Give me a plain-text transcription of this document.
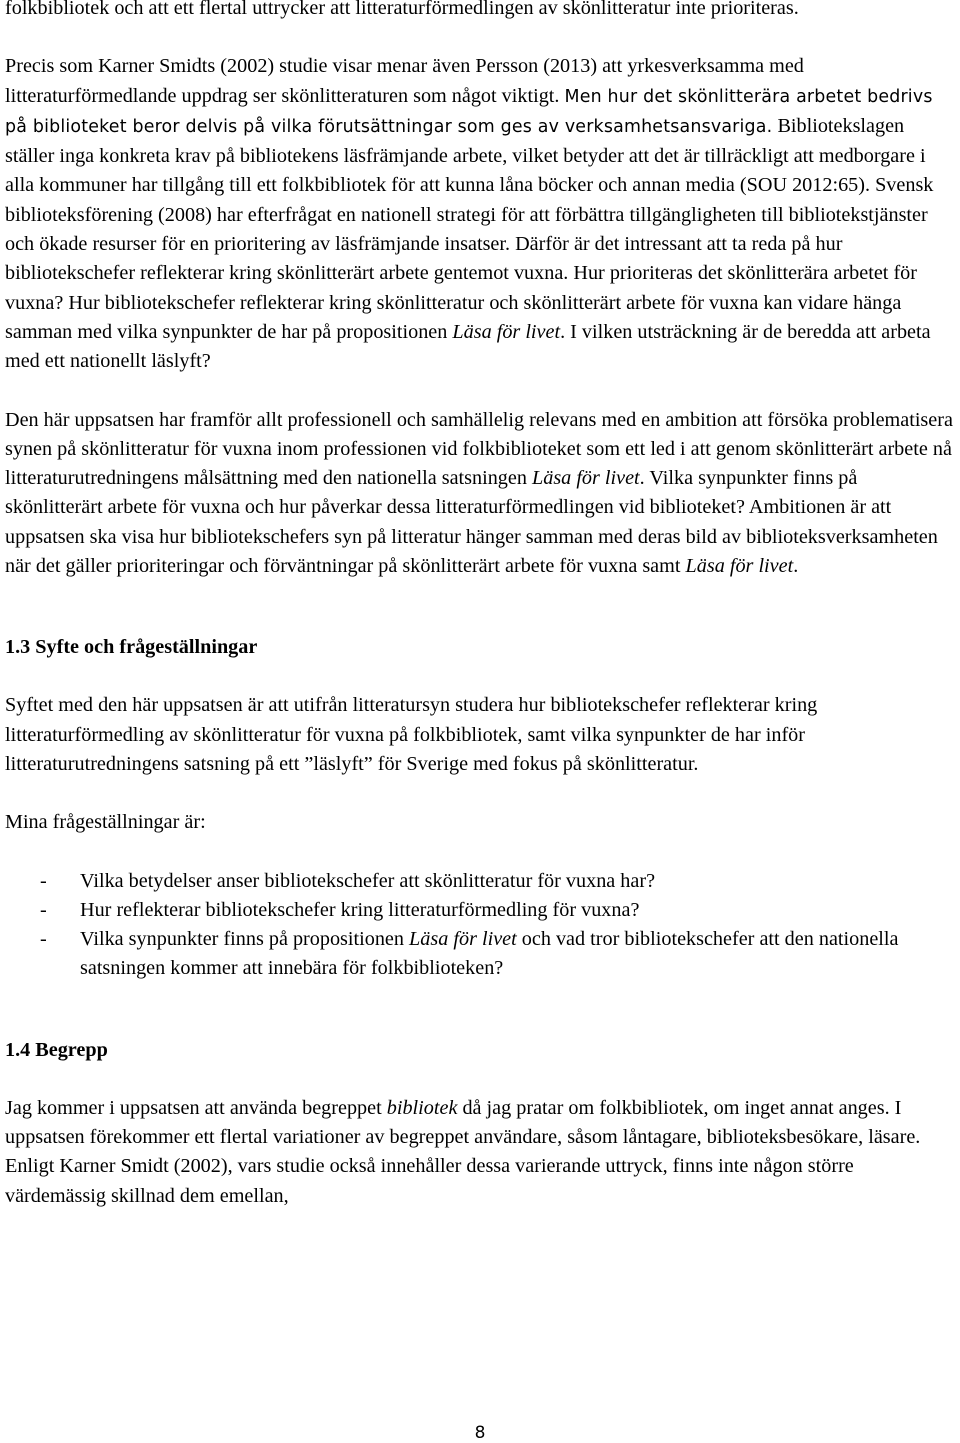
folkbibliotek och att ett flertal uttrycker att litteraturförmedlingen av skönlitteratur inte prioriteras.

Precis som Karner Smidts (2002) studie visar menar även Persson (2013) att yrkesverksamma med litteraturförmedlande uppdrag ser skönlitteraturen som något viktigt. Men hur det skönlitterära arbetet bedrivs på biblioteket beror delvis på vilka förutsättningar som ges av verksamhetsansvariga. Bibliotekslagen ställer inga konkreta krav på bibliotekens läsfrämjande arbete, vilket betyder att det är tillräckligt att medborgare i alla kommuner har tillgång till ett folkbibliotek för att kunna låna böcker och annan media (SOU 2012:65). Svensk biblioteksförening (2008) har efterfrågat en nationell strategi för att förbättra tillgängligheten till bibliotekstjänster och ökade resurser för en prioritering av läsfrämjande insatser. Därför är det intressant att ta reda på hur bibliotekschefer reflekterar kring skönlitterärt arbete gentemot vuxna. Hur prioriteras det skönlitterära arbetet för vuxna? Hur bibliotekschefer reflekterar kring skönlitteratur och skönlitterärt arbete för vuxna kan vidare hänga samman med vilka synpunkter de har på propositionen Läsa för livet. I vilken utsträckning är de beredda att arbeta med ett nationellt läslyft?

Den här uppsatsen har framför allt professionell och samhällelig relevans med en ambition att försöka problematisera synen på skönlitteratur för vuxna inom professionen vid folkbiblioteket som ett led i att genom skönlitterärt arbete nå litteraturutredningens målsättning med den nationella satsningen Läsa för livet. Vilka synpunkter finns på skönlitterärt arbete för vuxna och hur påverkar dessa litteraturförmedlingen vid biblioteket? Ambitionen är att uppsatsen ska visa hur bibliotekschefers syn på litteratur hänger samman med deras bild av biblioteksverksamheten när det gäller prioriteringar och förväntningar på skönlitterärt arbete för vuxna samt Läsa för livet.

1.3 Syfte och frågeställningar

Syftet med den här uppsatsen är att utifrån litteratursyn studera hur bibliotekschefer reflekterar kring litteraturförmedling av skönlitteratur för vuxna på folkbibliotek, samt vilka synpunkter de har inför litteraturutredningens satsning på ett ”läslyft” för Sverige med fokus på skönlitteratur.

Mina frågeställningar är:

- Vilka betydelser anser bibliotekschefer att skönlitteratur för vuxna har?
- Hur reflekterar bibliotekschefer kring litteraturförmedling för vuxna?
- Vilka synpunkter finns på propositionen Läsa för livet och vad tror bibliotekschefer att den nationella satsningen kommer att innebära för folkbiblioteken?
1.4 Begrepp

Jag kommer i uppsatsen att använda begreppet bibliotek då jag pratar om folkbibliotek, om inget annat anges. I uppsatsen förekommer ett flertal variationer av begreppet användare, såsom låntagare, biblioteksbesökare, läsare. Enligt Karner Smidt (2002), vars studie också innehåller dessa varierande uttryck, finns inte någon större värdemässig skillnad dem emellan,

8
